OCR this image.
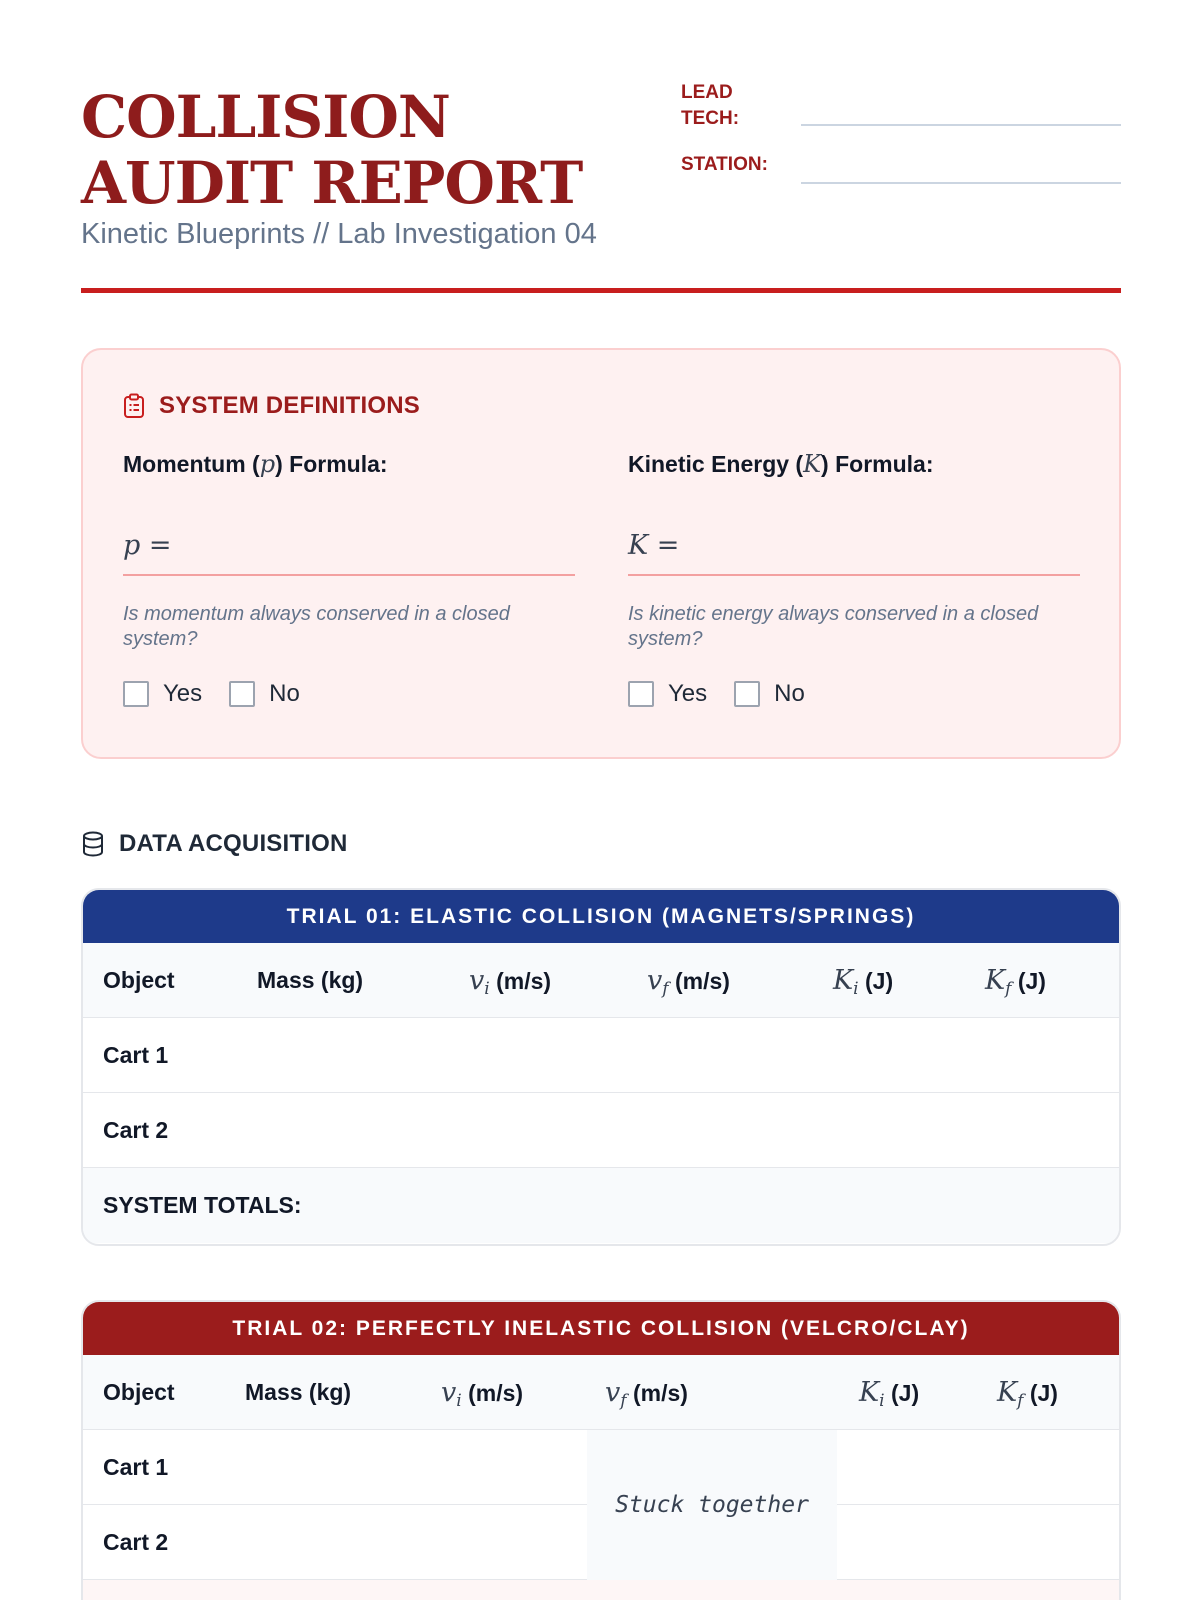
COLLISION AUDIT REPORT
Kinetic Blueprints // Lab Investigation 04
LEAD TECH:
STATION:
SYSTEM DEFINITIONS
Momentum (p) Formula:
p =
Is momentum always conserved in a closed system?
Yes	No
Kinetic Energy (K) Formula:
K =
Is kinetic energy always conserved in a closed system?
Yes	No
DATA ACQUISITION
TRIAL 01: ELASTIC COLLISION (MAGNETS/SPRINGS)
Object	Mass (kg)	$v_i$ (m/s)	$v_f$ (m/s)	$K_i$ (J)	$K_f$ (J)
Cart 1
Cart 2
SYSTEM TOTALS:
TRIAL 02: PERFECTLY INELASTIC COLLISION (VELCRO/CLAY)
Object	Mass (kg)	$v_i$ (m/s)	$v_f$ (m/s)	$K_i$ (J)	$K_f$ (J)
Cart 1
Cart 2
Stuck together
